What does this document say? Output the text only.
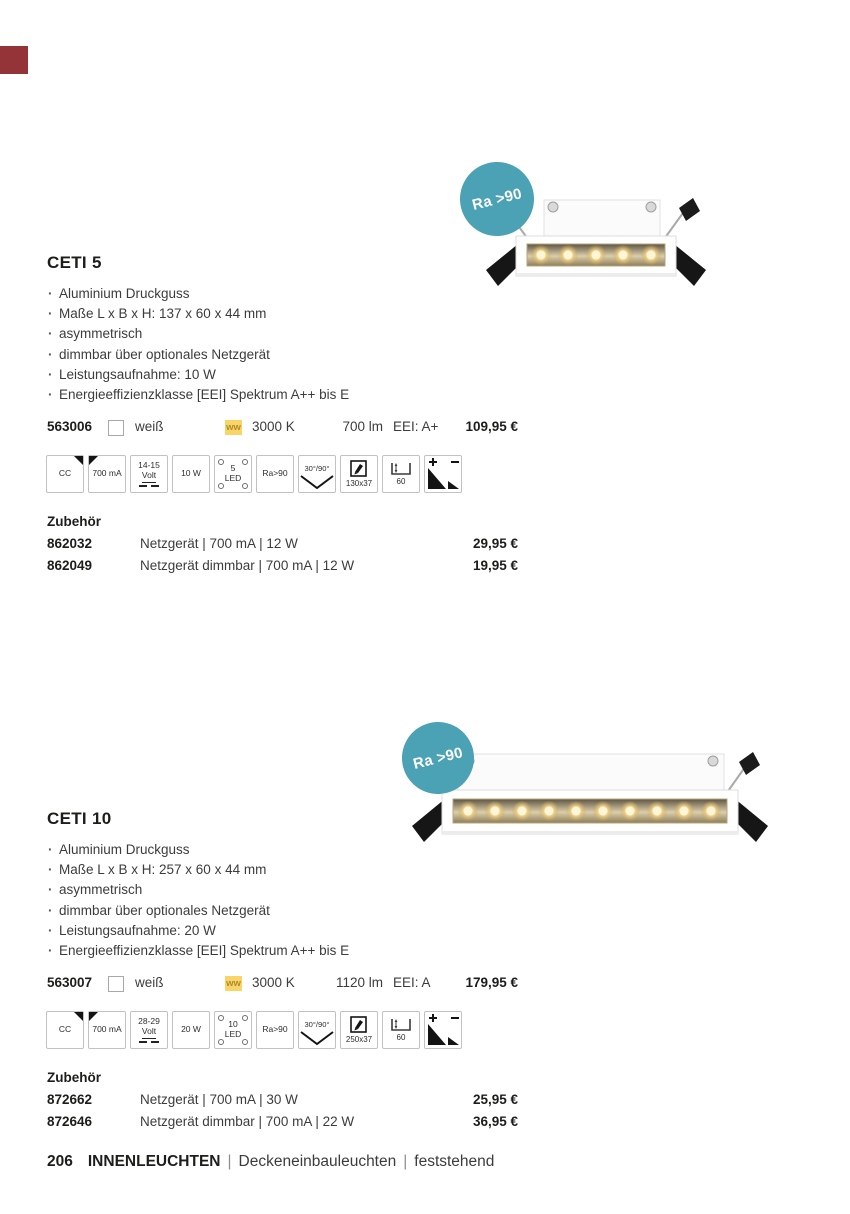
Ra >90
CETI 5
· Aluminium Druckguss
· Maße L x B x H: 137 x 60 x 44 mm
· asymmetrisch
· dimmbar über optionales Netzgerät
· Leistungsaufnahme: 10 W
· Energieeffizienzklasse [EEI] Spektrum A++ bis E
563006	weiß	ww 3000 K	700 lm EEI: A+ 109,95 €
CC 700 mA
14-15
Volt	10 W	5
LED Ra>90 30°/90°
130x37	60
Zubehör
862032	Netzgerät | 700 mA | 12 W	29,95 €
862049	Netzgerät dimmbar | 700 mA | 12 W	19,95 €
Ra >90
CETI 10
· Aluminium Druckguss
· Maße L x B x H: 257 x 60 x 44 mm
· asymmetrisch
· dimmbar über optionales Netzgerät
· Leistungsaufnahme: 20 W
· Energieeffizienzklasse [EEI] Spektrum A++ bis E
563007	weiß	ww 3000 K	1120 lm EEI: A	179,95 €
CC 700 mA
28-29
Volt	20 W	10
LED Ra>90 30°/90°
250x37	60
Zubehör
872662	Netzgerät | 700 mA | 30 W	25,95 €
872646	Netzgerät dimmbar | 700 mA | 22 W	36,95 €
206 INNENLEUCHTEN | Deckeneinbauleuchten | feststehend
